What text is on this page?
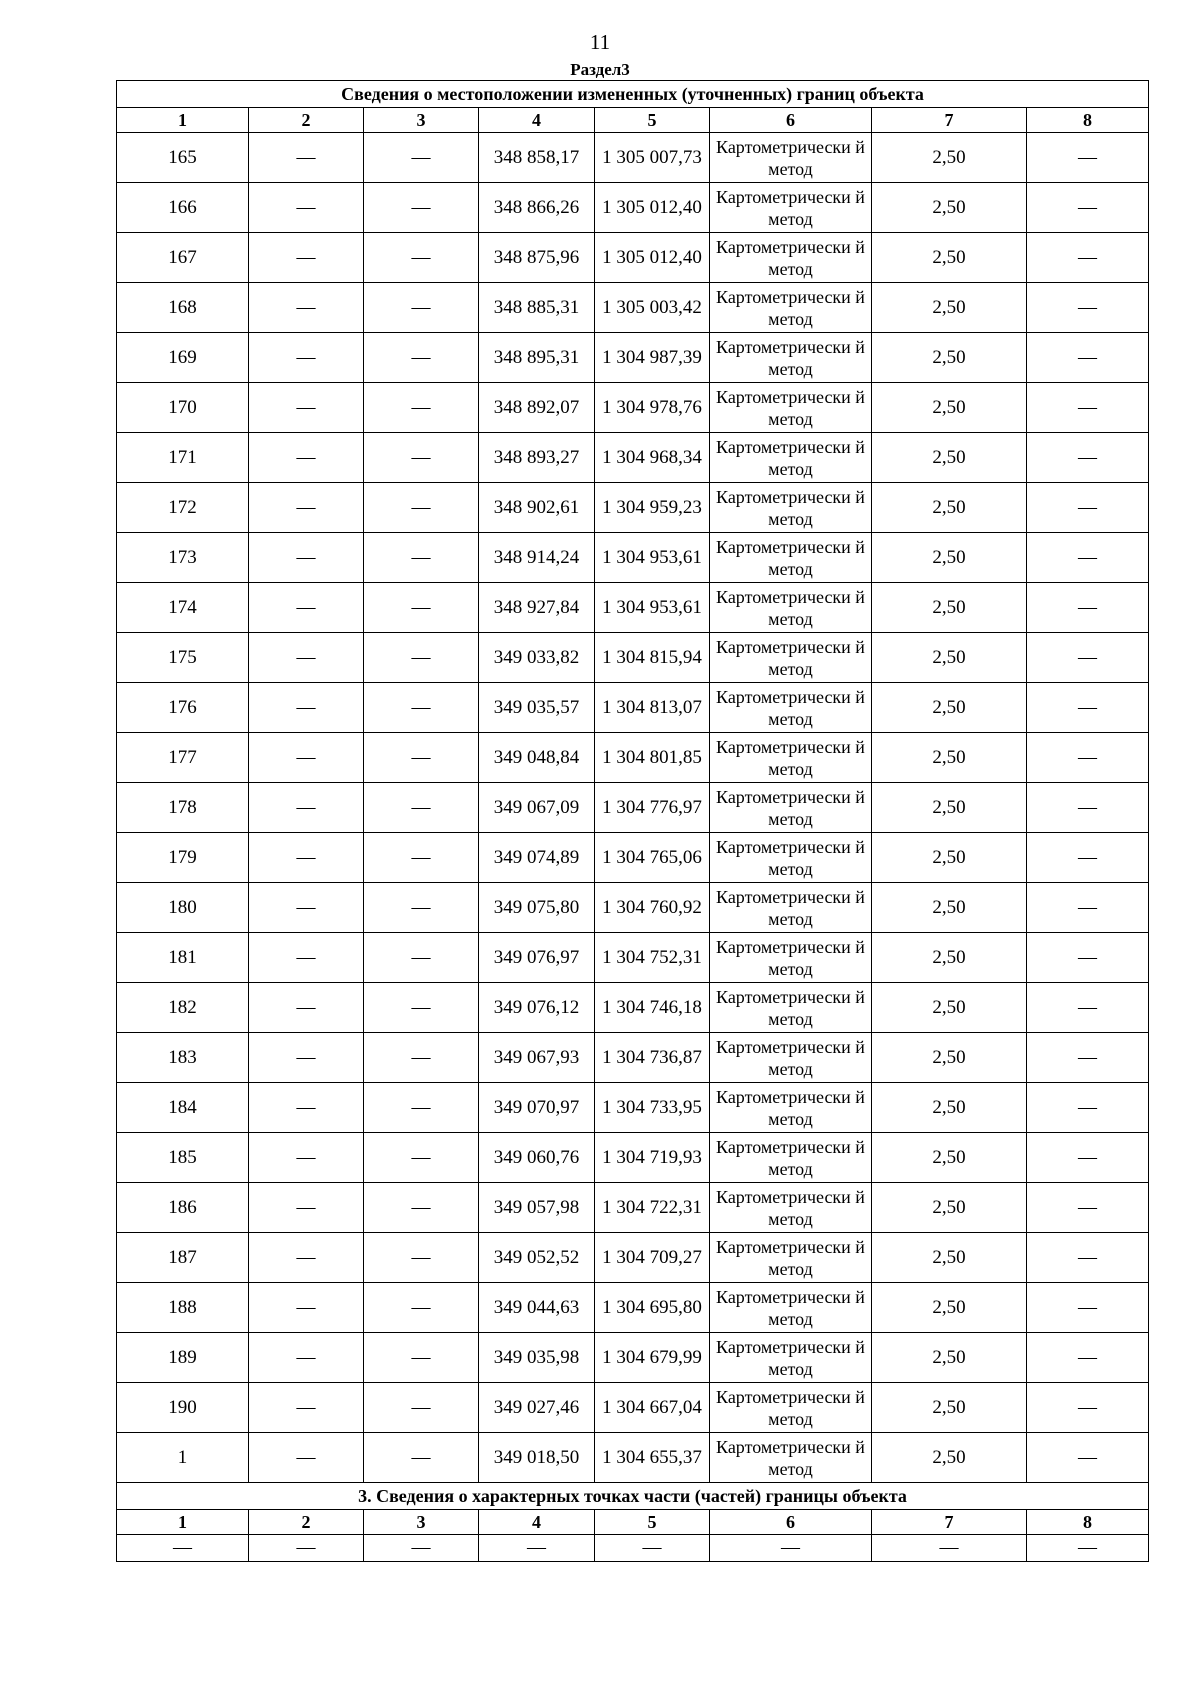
11
Раздел3
Сведения о местоположении измененных (уточненных) границ объекта							
1	2	3	4	5	6	7	8
165	—	—	348 858,17	1 305 007,73	Картометрически й метод	2,50	—
166	—	—	348 866,26	1 305 012,40	Картометрически й метод	2,50	—
167	—	—	348 875,96	1 305 012,40	Картометрически й метод	2,50	—
168	—	—	348 885,31	1 305 003,42	Картометрически й метод	2,50	—
169	—	—	348 895,31	1 304 987,39	Картометрически й метод	2,50	—
170	—	—	348 892,07	1 304 978,76	Картометрически й метод	2,50	—
171	—	—	348 893,27	1 304 968,34	Картометрически й метод	2,50	—
172	—	—	348 902,61	1 304 959,23	Картометрически й метод	2,50	—
173	—	—	348 914,24	1 304 953,61	Картометрически й метод	2,50	—
174	—	—	348 927,84	1 304 953,61	Картометрически й метод	2,50	—
175	—	—	349 033,82	1 304 815,94	Картометрически й метод	2,50	—
176	—	—	349 035,57	1 304 813,07	Картометрически й метод	2,50	—
177	—	—	349 048,84	1 304 801,85	Картометрически й метод	2,50	—
178	—	—	349 067,09	1 304 776,97	Картометрически й метод	2,50	—
179	—	—	349 074,89	1 304 765,06	Картометрически й метод	2,50	—
180	—	—	349 075,80	1 304 760,92	Картометрически й метод	2,50	—
181	—	—	349 076,97	1 304 752,31	Картометрически й метод	2,50	—
182	—	—	349 076,12	1 304 746,18	Картометрически й метод	2,50	—
183	—	—	349 067,93	1 304 736,87	Картометрически й метод	2,50	—
184	—	—	349 070,97	1 304 733,95	Картометрически й метод	2,50	—
185	—	—	349 060,76	1 304 719,93	Картометрически й метод	2,50	—
186	—	—	349 057,98	1 304 722,31	Картометрически й метод	2,50	—
187	—	—	349 052,52	1 304 709,27	Картометрически й метод	2,50	—
188	—	—	349 044,63	1 304 695,80	Картометрически й метод	2,50	—
189	—	—	349 035,98	1 304 679,99	Картометрически й метод	2,50	—
190	—	—	349 027,46	1 304 667,04	Картометрически й метод	2,50	—
1	—	—	349 018,50	1 304 655,37	Картометрически й метод	2,50	—
3. Сведения о характерных точках части (частей) границы объекта							
1	2	3	4	5	6	7	8
—	—	—	—	—	—	—	—
